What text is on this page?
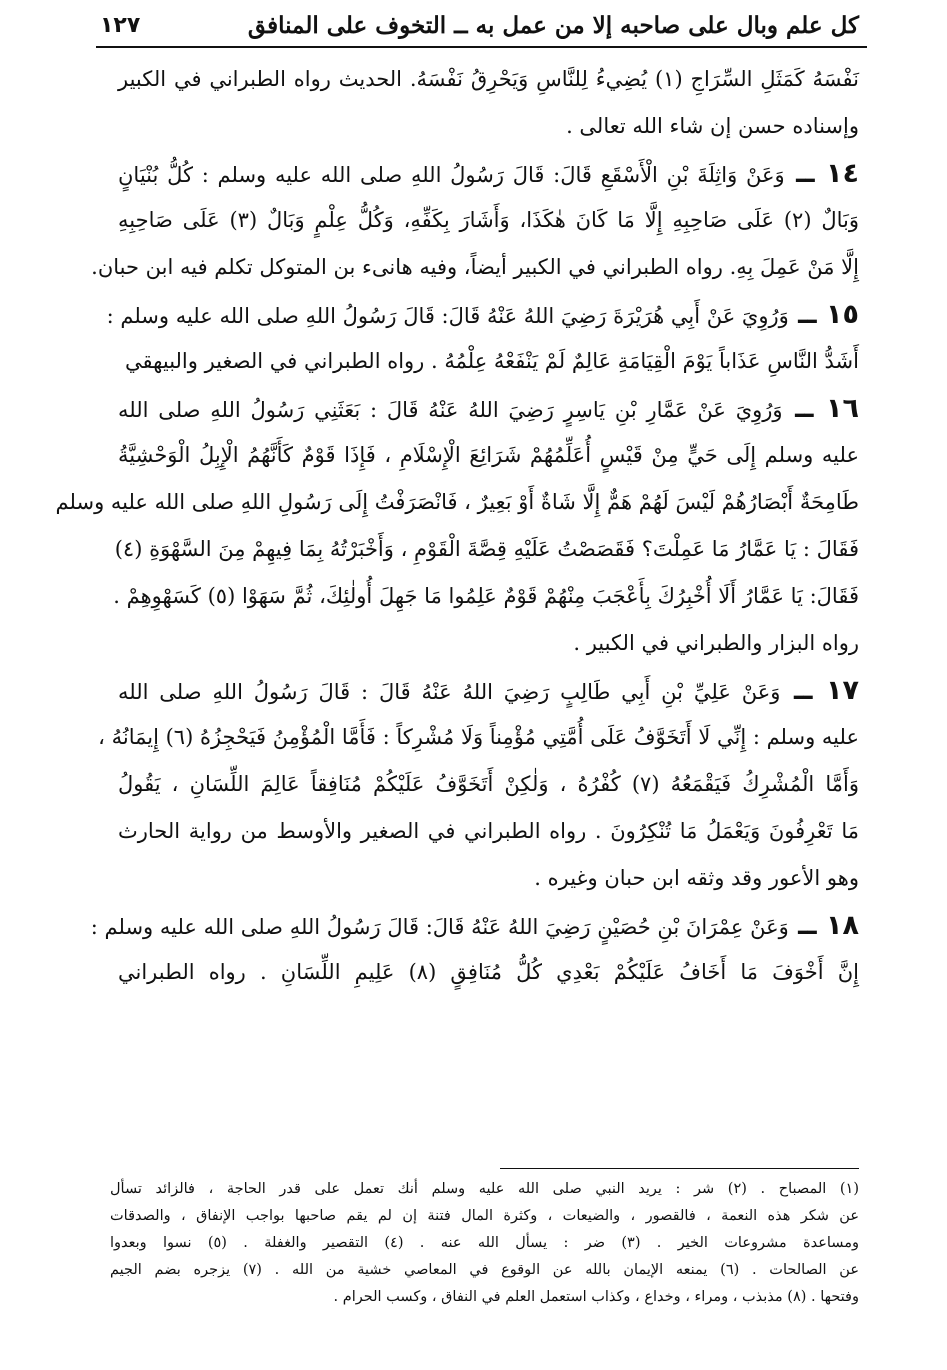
كل علم وبال على صاحبه إلا من عمل به ــ التخوف على المنافق
١٢٧
نَفْسَهُ كَمَثَلِ السِّرَاجِ (١) يُضِيءُ لِلنَّاسِ وَيَحْرِقُ نَفْسَهُ. الحديث رواه الطبراني في الكبير
وإسناده حسن إن شاء الله تعالى .
١٤ ــ وَعَنْ وَاثِلَةَ بْنِ الْأَسْقَعِ قَالَ: قَالَ رَسُولُ اللهِ صلى الله عليه وسلم : كُلُّ بُنْيَانٍ
وَبَالٌ (٢) عَلَى صَاحِبِهِ إِلَّا مَا كَانَ هٰكَذَا، وَأَشَارَ بِكَفِّهِ، وَكُلُّ عِلْمٍ وَبَالٌ (٣) عَلَى صَاحِبِهِ
إِلَّا مَنْ عَمِلَ بِهِ. رواه الطبراني في الكبير أيضاً، وفيه هانىء بن المتوكل تكلم فيه ابن حبان.
١٥ ــ وَرُوِيَ عَنْ أَبِي هُرَيْرَةَ رَضِيَ اللهُ عَنْهُ قَالَ: قَالَ رَسُولُ اللهِ صلى الله عليه وسلم :
أَشَدُّ النَّاسِ عَذَاباً يَوْمَ الْقِيَامَةِ عَالِمٌ لَمْ يَنْفَعْهُ عِلْمُهُ . رواه الطبراني في الصغير والبيهقي
١٦ ــ وَرُوِيَ عَنْ عَمَّارِ بْنِ يَاسِرٍ رَضِيَ اللهُ عَنْهُ قَالَ : بَعَثَنِي رَسُولُ اللهِ صلى الله
عليه وسلم إِلَى حَيٍّ مِنْ قَيْسٍ أُعَلِّمُهُمْ شَرَائِعَ الْإِسْلَامِ ، فَإِذَا قَوْمٌ كَأَنَّهُمُ الْإِبِلُ الْوَحْشِيَّةُ
طَامِحَةٌ أَبْصَارُهُمْ لَيْسَ لَهُمْ هَمٌّ إِلَّا شَاةٌ أَوْ بَعِيرٌ ، فَانْصَرَفْتُ إِلَى رَسُولِ اللهِ صلى الله عليه وسلم
فَقَالَ : يَا عَمَّارُ مَا عَمِلْتَ؟ فَقَصَصْتُ عَلَيْهِ قِصَّةَ الْقَوْمِ ، وَأَخْبَرْتُهُ بِمَا فِيهِمْ مِنَ السَّهْوَةِ (٤)
فَقَالَ: يَا عَمَّارُ أَلَا أُخْبِرُكَ بِأَعْجَبَ مِنْهُمْ قَوْمٌ عَلِمُوا مَا جَهِلَ أُولٰئِكَ، ثُمَّ سَهَوْا (٥) كَسَهْوِهِمْ .
رواه البزار والطبراني في الكبير .
١٧ ــ وَعَنْ عَلِيِّ بْنِ أَبِي طَالِبٍ رَضِيَ اللهُ عَنْهُ قَالَ : قَالَ رَسُولُ اللهِ صلى الله
عليه وسلم : إِنِّي لَا أَتَخَوَّفُ عَلَى أُمَّتِي مُؤْمِناً وَلَا مُشْرِكاً : فَأَمَّا الْمُؤْمِنُ فَيَحْجِزُهُ (٦) إِيمَانُهُ ،
وَأَمَّا الْمُشْرِكُ فَيَقْمَعُهُ (٧) كُفْرُهُ ، وَلٰكِنْ أَتَخَوَّفُ عَلَيْكُمْ مُنَافِقاً عَالِمَ اللِّسَانِ ، يَقُولُ
مَا تَعْرِفُونَ وَيَعْمَلُ مَا تُنْكِرُونَ . رواه الطبراني في الصغير والأوسط من رواية الحارث
وهو الأعور وقد وثقه ابن حبان وغيره .
١٨ ــ وَعَنْ عِمْرَانَ بْنِ حُصَيْنٍ رَضِيَ اللهُ عَنْهُ قَالَ: قَالَ رَسُولُ اللهِ صلى الله عليه وسلم :
إِنَّ أَخْوَفَ مَا أَخَافُ عَلَيْكُمْ بَعْدِي كُلُّ مُنَافِقٍ (٨) عَلِيمِ اللِّسَانِ . رواه الطبراني
(١) المصباح . (٢) شر : يريد النبي صلى الله عليه وسلم أنك تعمل على قدر الحاجة ، فالزائد تسأل
عن شكر هذه النعمة ، فالقصور ، والضيعات ، وكثرة المال فتنة إن لم يقم صاحبها بواجب الإنفاق ، والصدقات
ومساعدة مشروعات الخير . (٣) ضر : يسأل الله عنه . (٤) التقصير والغفلة . (٥) نسوا وبعدوا
عن الصالحات . (٦) يمنعه الإيمان بالله عن الوقوع في المعاصي خشية من الله . (٧) يزجره بضم الجيم
وفتحها . (٨) مذبذب ، ومراء ، وخداع ، وكذاب استعمل العلم في النفاق ، وكسب الحرام .
